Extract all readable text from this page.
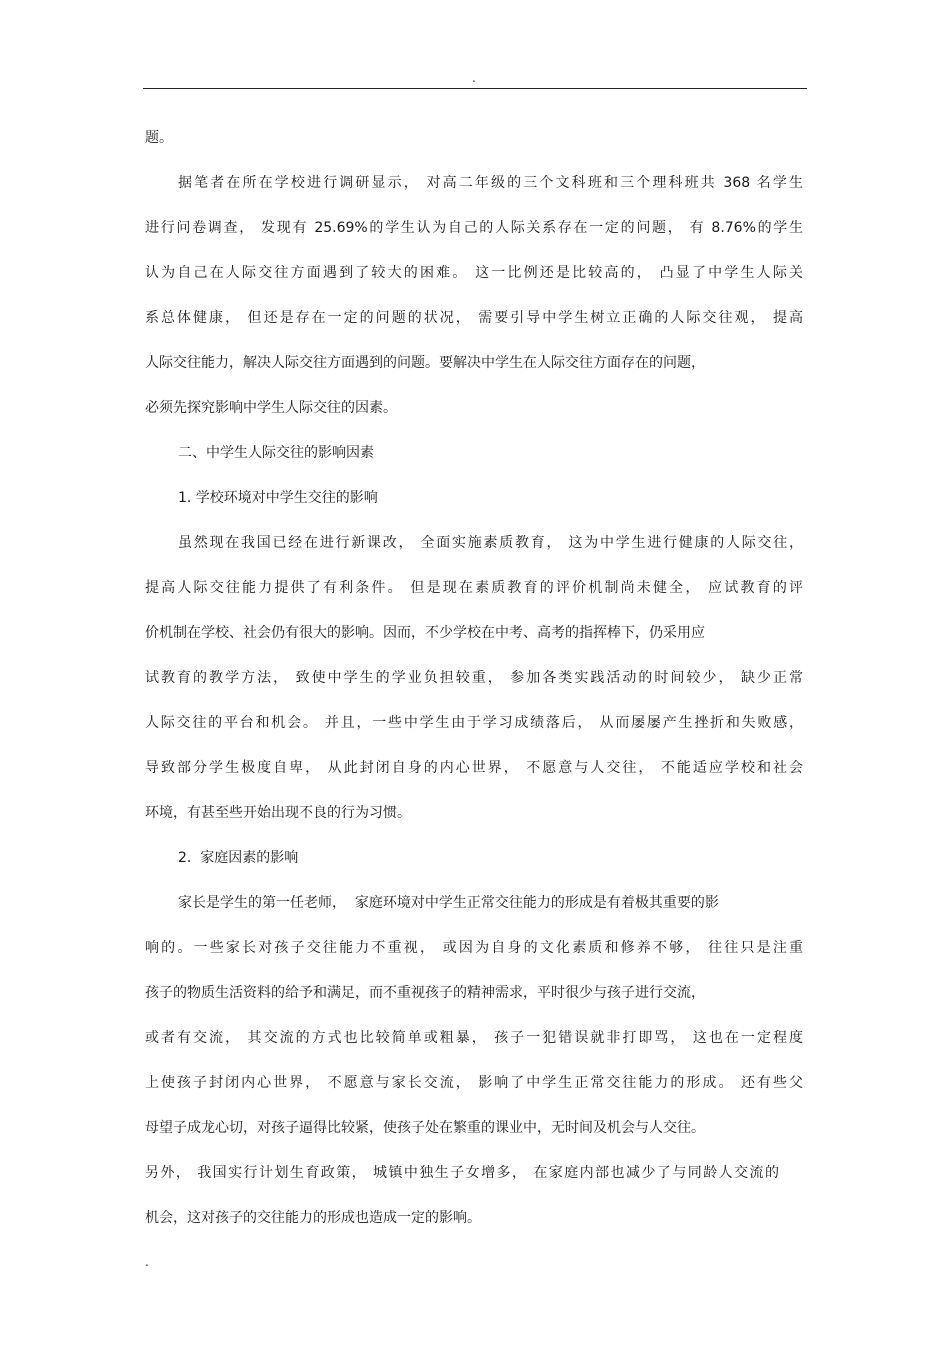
.
题。
据笔者在所在学校进行调研显示， 对高二年级的三个文科班和三个理科班共 368 名学生
进行问卷调查， 发现有 25.69%的学生认为自己的人际关系存在一定的问题， 有 8.76%的学生
认为自己在人际交往方面遇到了较大的困难。 这一比例还是比较高的， 凸显了中学生人际关
系总体健康， 但还是存在一定的问题的状况， 需要引导中学生树立正确的人际交往观， 提高
人际交往能力，解决人际交往方面遇到的问题。要解决中学生在人际交往方面存在的问题，
必须先探究影响中学生人际交往的因素。
二、中学生人际交往的影响因素
1. 学校环境对中学生交往的影响
虽然现在我国已经在进行新课改， 全面实施素质教育， 这为中学生进行健康的人际交往，
提高人际交往能力提供了有利条件。 但是现在素质教育的评价机制尚未健全， 应试教育的评
价机制在学校、社会仍有很大的影响。因而，不少学校在中考、高考的指挥棒下，仍采用应
试教育的教学方法， 致使中学生的学业负担较重， 参加各类实践活动的时间较少， 缺少正常
人际交往的平台和机会。 并且，一些中学生由于学习成绩落后， 从而屡屡产生挫折和失败感，
导致部分学生极度自卑， 从此封闭自身的内心世界， 不愿意与人交往， 不能适应学校和社会
环境，有甚至些开始出现不良的行为习惯。
2.  家庭因素的影响
家长是学生的第一任老师，  家庭环境对中学生正常交往能力的形成是有着极其重要的影
响的。一些家长对孩子交往能力不重视， 或因为自身的文化素质和修养不够， 往往只是注重
孩子的物质生活资料的给予和满足，而不重视孩子的精神需求，平时很少与孩子进行交流，
或者有交流， 其交流的方式也比较简单或粗暴， 孩子一犯错误就非打即骂， 这也在一定程度
上使孩子封闭内心世界， 不愿意与家长交流， 影响了中学生正常交往能力的形成。 还有些父
母望子成龙心切，对孩子逼得比较紧，使孩子处在繁重的课业中，无时间及机会与人交往。
另外， 我国实行计划生育政策， 城镇中独生子女增多， 在家庭内部也减少了与同龄人交流的
机会，这对孩子的交往能力的形成也造成一定的影响。
.
